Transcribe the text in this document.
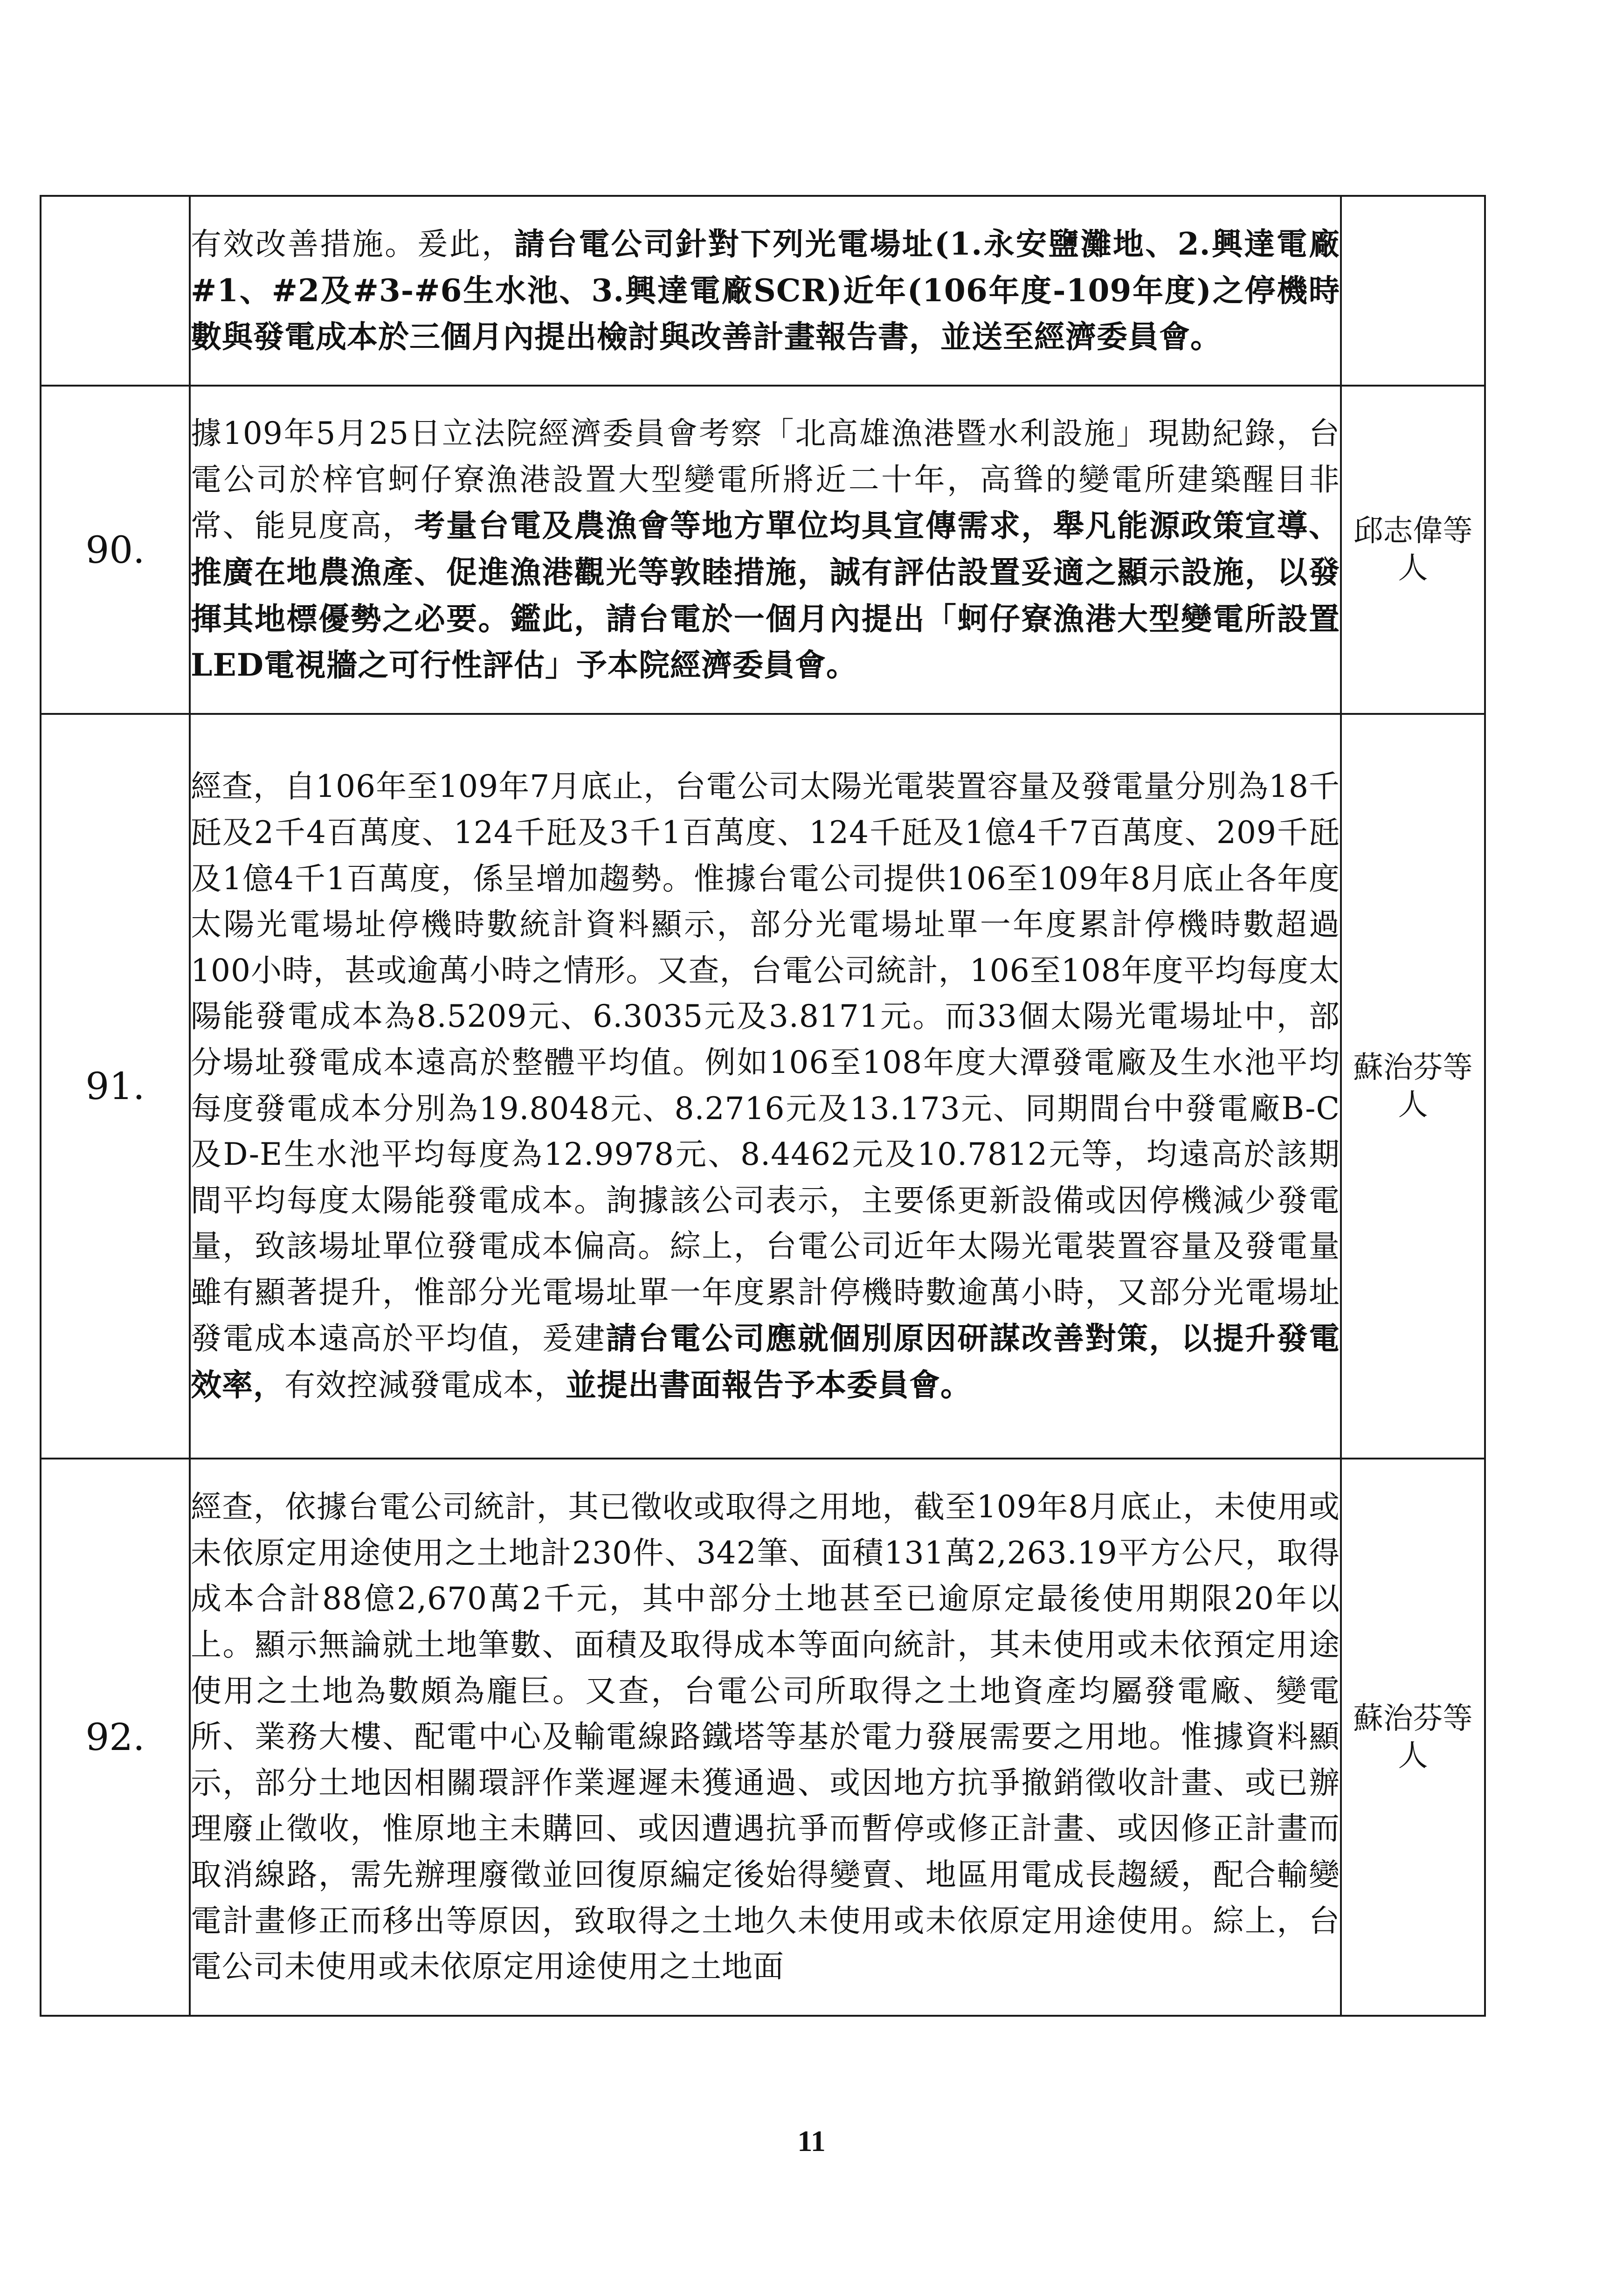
	有效改善措施。爰此，請台電公司針對下列光電場址(1.永安鹽灘地、2.興達電廠#1、#2及#3-#6生水池、3.興達電廠SCR)近年(106年度-109年度)之停機時數與發電成本於三個月內提出檢討與改善計畫報告書，並送至經濟委員會。	
90.	據109年5月25日立法院經濟委員會考察「北高雄漁港暨水利設施」現勘紀錄，台電公司於梓官蚵仔寮漁港設置大型變電所將近二十年，高聳的變電所建築醒目非常、能見度高，考量台電及農漁會等地方單位均具宣傳需求，舉凡能源政策宣導、推廣在地農漁產、促進漁港觀光等敦睦措施，誠有評估設置妥適之顯示設施，以發揮其地標優勢之必要。鑑此，請台電於一個月內提出「蚵仔寮漁港大型變電所設置LED電視牆之可行性評估」予本院經濟委員會。	邱志偉等人
91.	經查，自106年至109年7月底止，台電公司太陽光電裝置容量及發電量分別為18千瓩及2千4百萬度、124千瓩及3千1百萬度、124千瓩及1億4千7百萬度、209千瓩及1億4千1百萬度，係呈增加趨勢。惟據台電公司提供106至109年8月底止各年度太陽光電場址停機時數統計資料顯示，部分光電場址單一年度累計停機時數超過100小時，甚或逾萬小時之情形。又查，台電公司統計，106至108年度平均每度太陽能發電成本為8.5209元、6.3035元及3.8171元。而33個太陽光電場址中，部分場址發電成本遠高於整體平均值。例如106至108年度大潭發電廠及生水池平均每度發電成本分別為19.8048元、8.2716元及13.173元、同期間台中發電廠B-C及D-E生水池平均每度為12.9978元、8.4462元及10.7812元等，均遠高於該期間平均每度太陽能發電成本。詢據該公司表示，主要係更新設備或因停機減少發電量，致該場址單位發電成本偏高。綜上，台電公司近年太陽光電裝置容量及發電量雖有顯著提升，惟部分光電場址單一年度累計停機時數逾萬小時，又部分光電場址發電成本遠高於平均值，爰建請台電公司應就個別原因研謀改善對策，以提升發電效率，有效控減發電成本，並提出書面報告予本委員會。	蘇治芬等人
92.	經查，依據台電公司統計，其已徵收或取得之用地，截至109年8月底止，未使用或未依原定用途使用之土地計230件、342筆、面積131萬2,263.19平方公尺，取得成本合計88億2,670萬2千元，其中部分土地甚至已逾原定最後使用期限20年以上。顯示無論就土地筆數、面積及取得成本等面向統計，其未使用或未依預定用途使用之土地為數頗為龐巨。又查，台電公司所取得之土地資產均屬發電廠、變電所、業務大樓、配電中心及輸電線路鐵塔等基於電力發展需要之用地。惟據資料顯示，部分土地因相關環評作業遲遲未獲通過、或因地方抗爭撤銷徵收計畫、或已辦理廢止徵收，惟原地主未購回、或因遭遇抗爭而暫停或修正計畫、或因修正計畫而取消線路，需先辦理廢徵並回復原編定後始得變賣、地區用電成長趨緩，配合輸變電計畫修正而移出等原因，致取得之土地久未使用或未依原定用途使用。綜上，台電公司未使用或未依原定用途使用之土地面	蘇治芬等人
11
